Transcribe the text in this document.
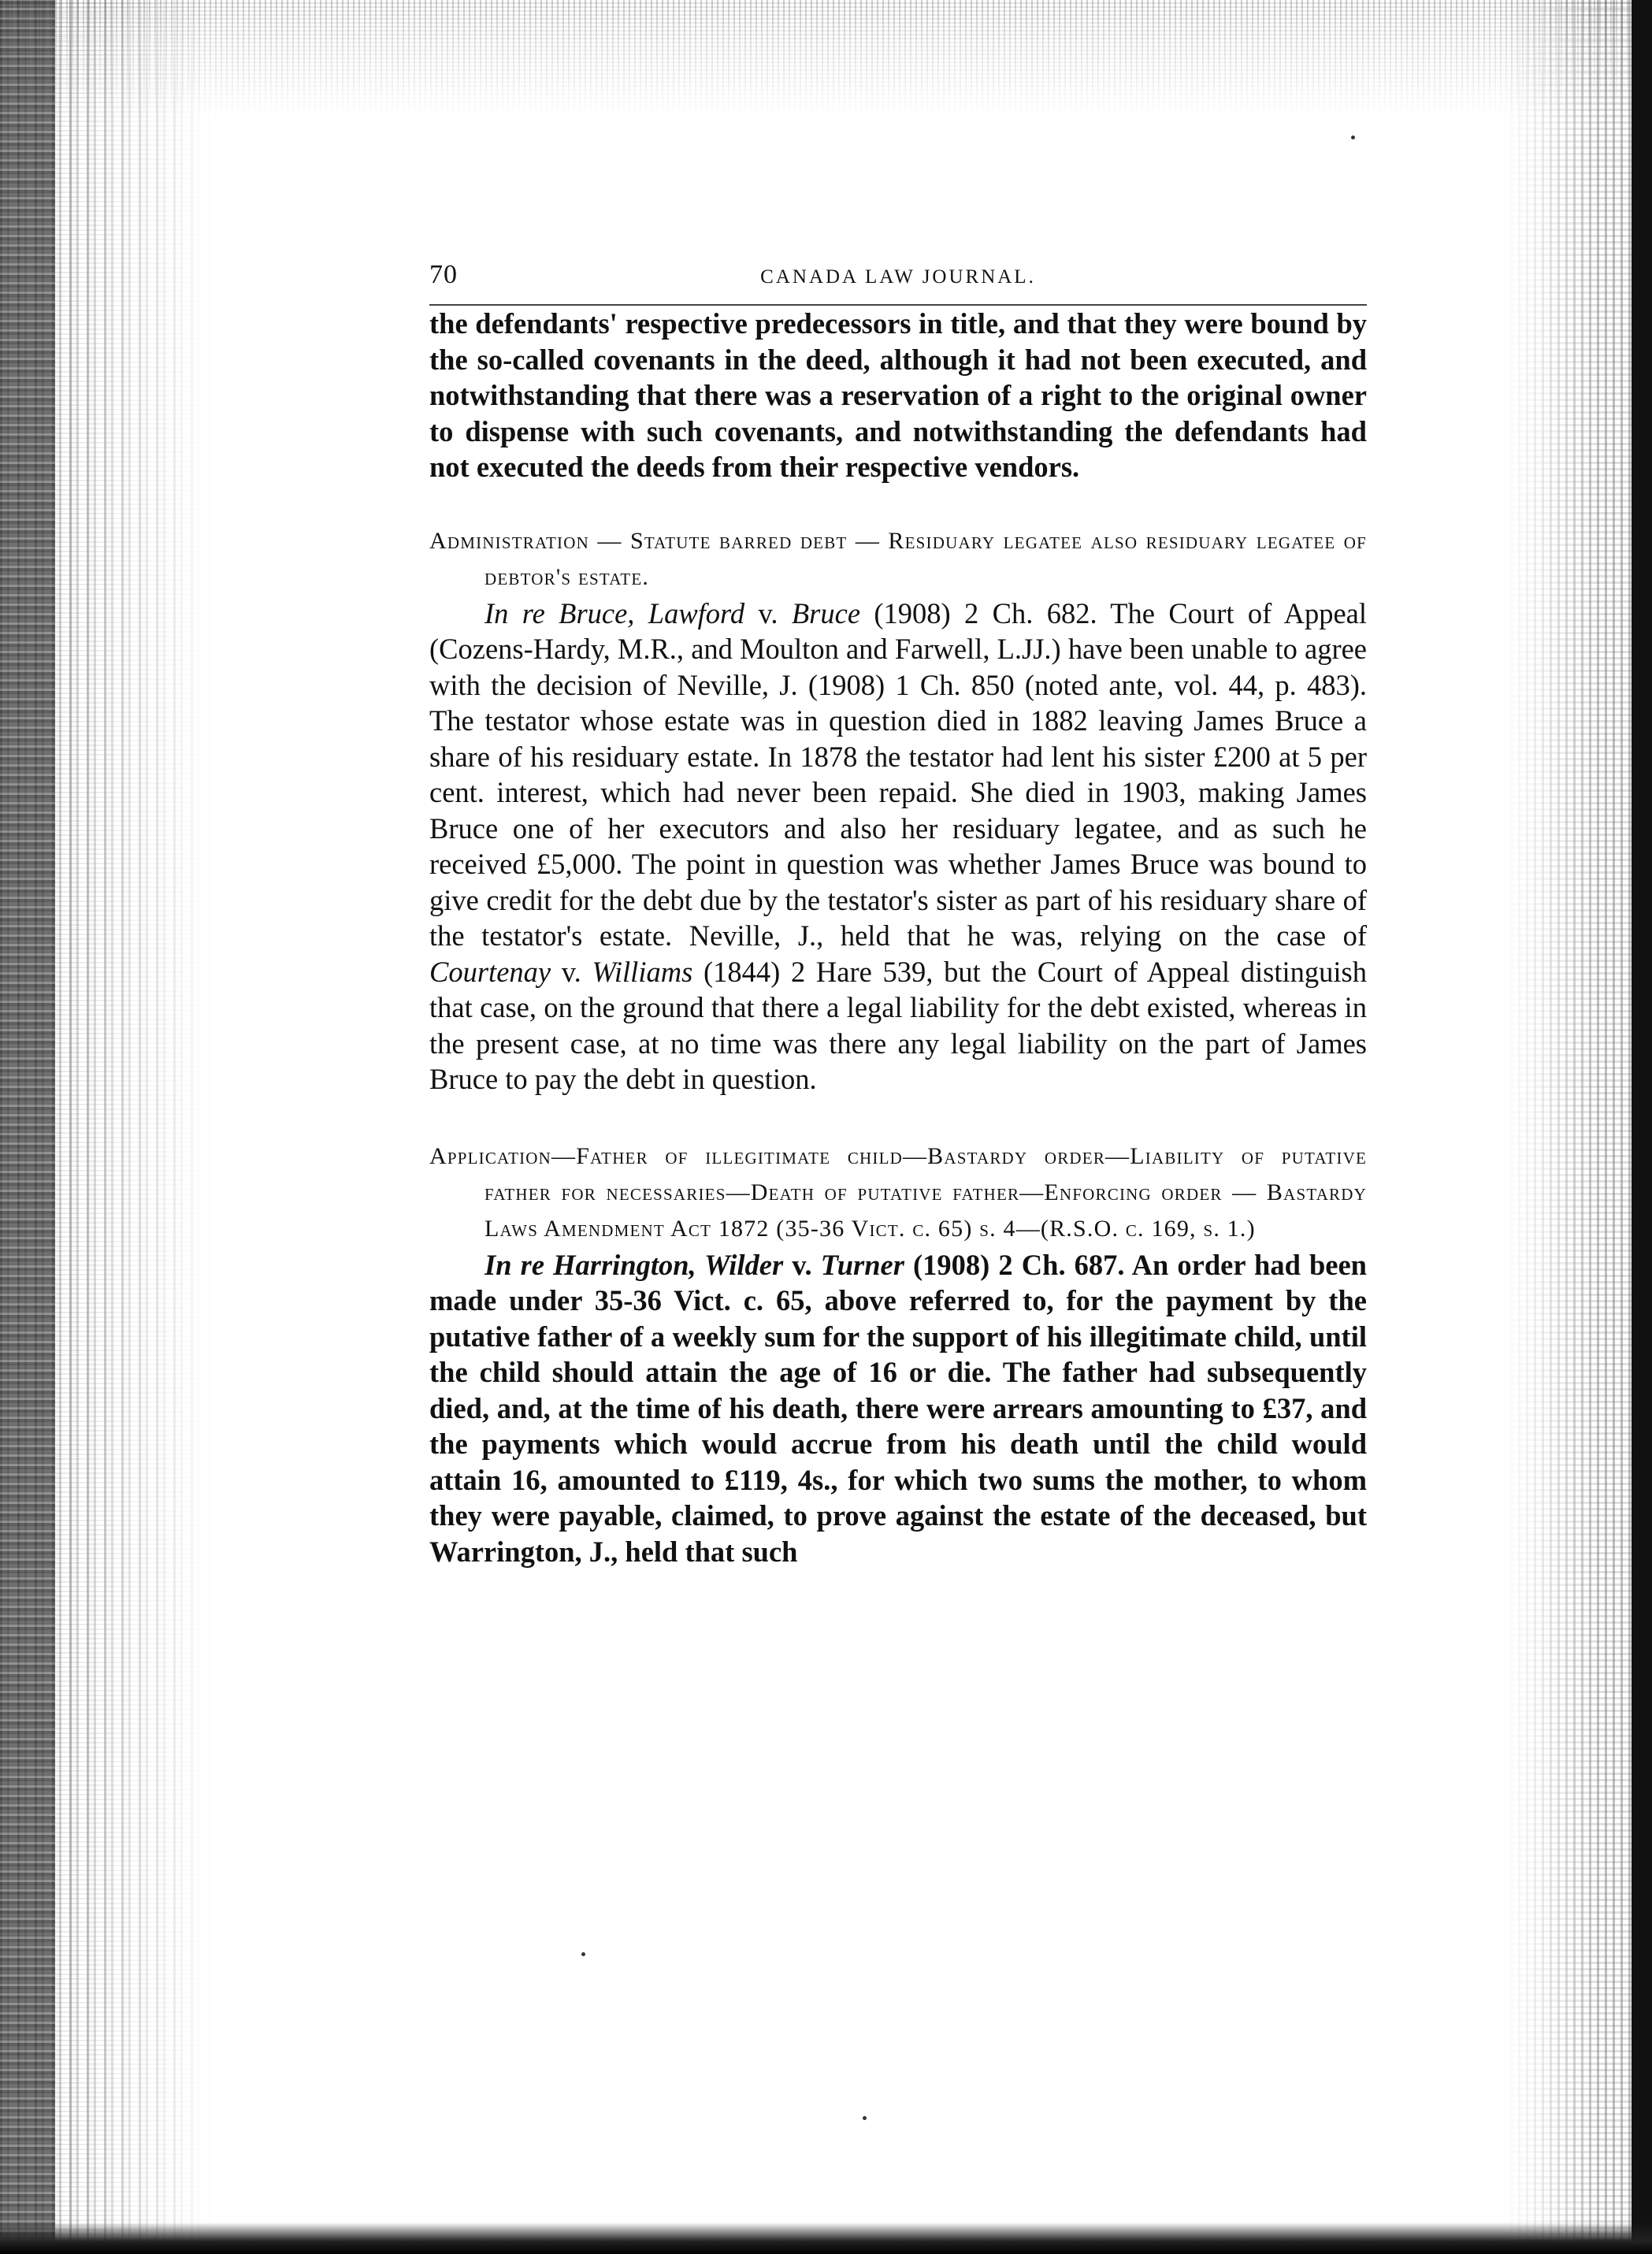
70	CANADA LAW JOURNAL.

the defendants' respective predecessors in title, and that they were bound by the so-called covenants in the deed, although it had not been executed, and notwithstanding that there was a reservation of a right to the original owner to dispense with such covenants, and notwithstanding the defendants had not executed the deeds from their respective vendors.

Administration — Statute barred debt — Residuary legatee also residuary legatee of debtor's estate.

In re Bruce, Lawford v. Bruce (1908) 2 Ch. 682. The Court of Appeal (Cozens-Hardy, M.R., and Moulton and Farwell, L.JJ.) have been unable to agree with the decision of Neville, J. (1908) 1 Ch. 850 (noted ante, vol. 44, p. 483). The testator whose estate was in question died in 1882 leaving James Bruce a share of his residuary estate. In 1878 the testator had lent his sister £200 at 5 per cent. interest, which had never been repaid. She died in 1903, making James Bruce one of her executors and also her residuary legatee, and as such he received £5,000. The point in question was whether James Bruce was bound to give credit for the debt due by the testator's sister as part of his residuary share of the testator's estate. Neville, J., held that he was, relying on the case of Courtenay v. Williams (1844) 2 Hare 539, but the Court of Appeal distinguish that case, on the ground that there a legal liability for the debt existed, whereas in the present case, at no time was there any legal liability on the part of James Bruce to pay the debt in question.

Application—Father of illegitimate child—Bastardy order—Liability of putative father for necessaries—Death of putative father—Enforcing order — Bastardy Laws Amendment Act 1872 (35-36 Vict. c. 65) s. 4—(R.S.O. c. 169, s. 1.)

In re Harrington, Wilder v. Turner (1908) 2 Ch. 687. An order had been made under 35-36 Vict. c. 65, above referred to, for the payment by the putative father of a weekly sum for the support of his illegitimate child, until the child should attain the age of 16 or die. The father had subsequently died, and, at the time of his death, there were arrears amounting to £37, and the payments which would accrue from his death until the child would attain 16, amounted to £119, 4s., for which two sums the mother, to whom they were payable, claimed, to prove against the estate of the deceased, but Warrington, J., held that such
